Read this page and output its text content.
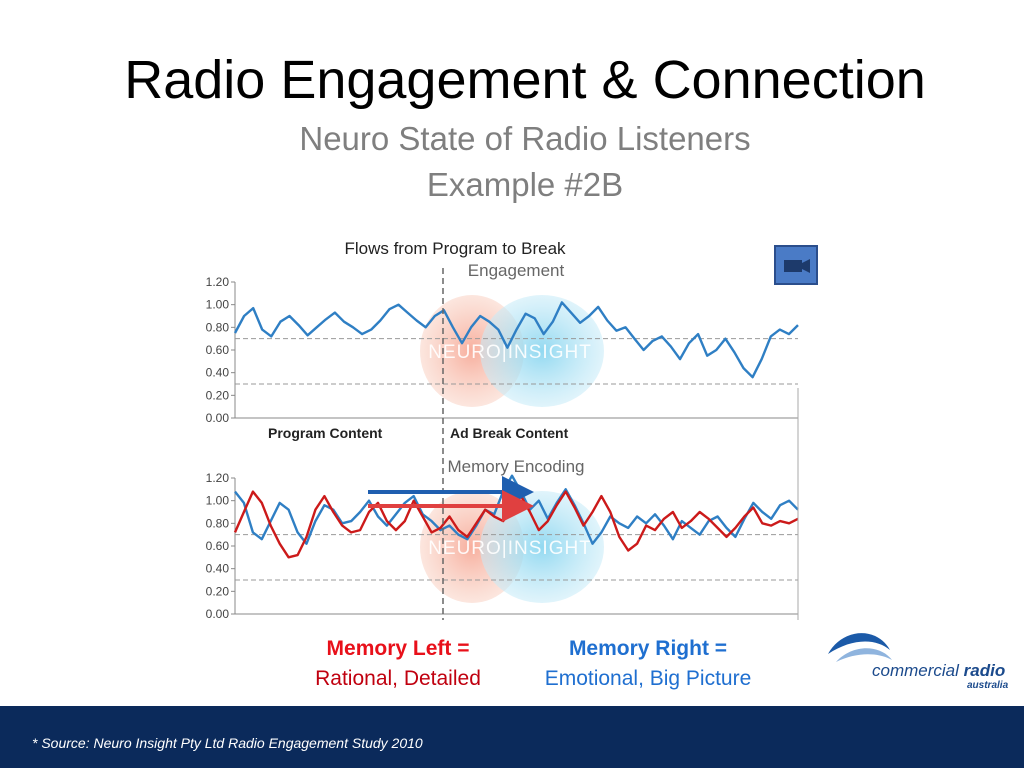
Radio Engagement & Connection
Neuro State of Radio Listeners
Example #2B
Flows from Program to Break
Engagement
NEURO|INSIGHT
0.00
0.20
0.40
0.60
0.80
1.00
1.20
Program Content	Ad Break Content
Memory Encoding
NEURO|INSIGHT
0.00
0.20
0.40
0.60
0.80
1.00
1.20
Memory Left =
Rational, Detailed
Memory Right =
Emotional, Big Picture	commercial radio
australia
* Source: Neuro Insight Pty Ltd Radio Engagement Study 2010
